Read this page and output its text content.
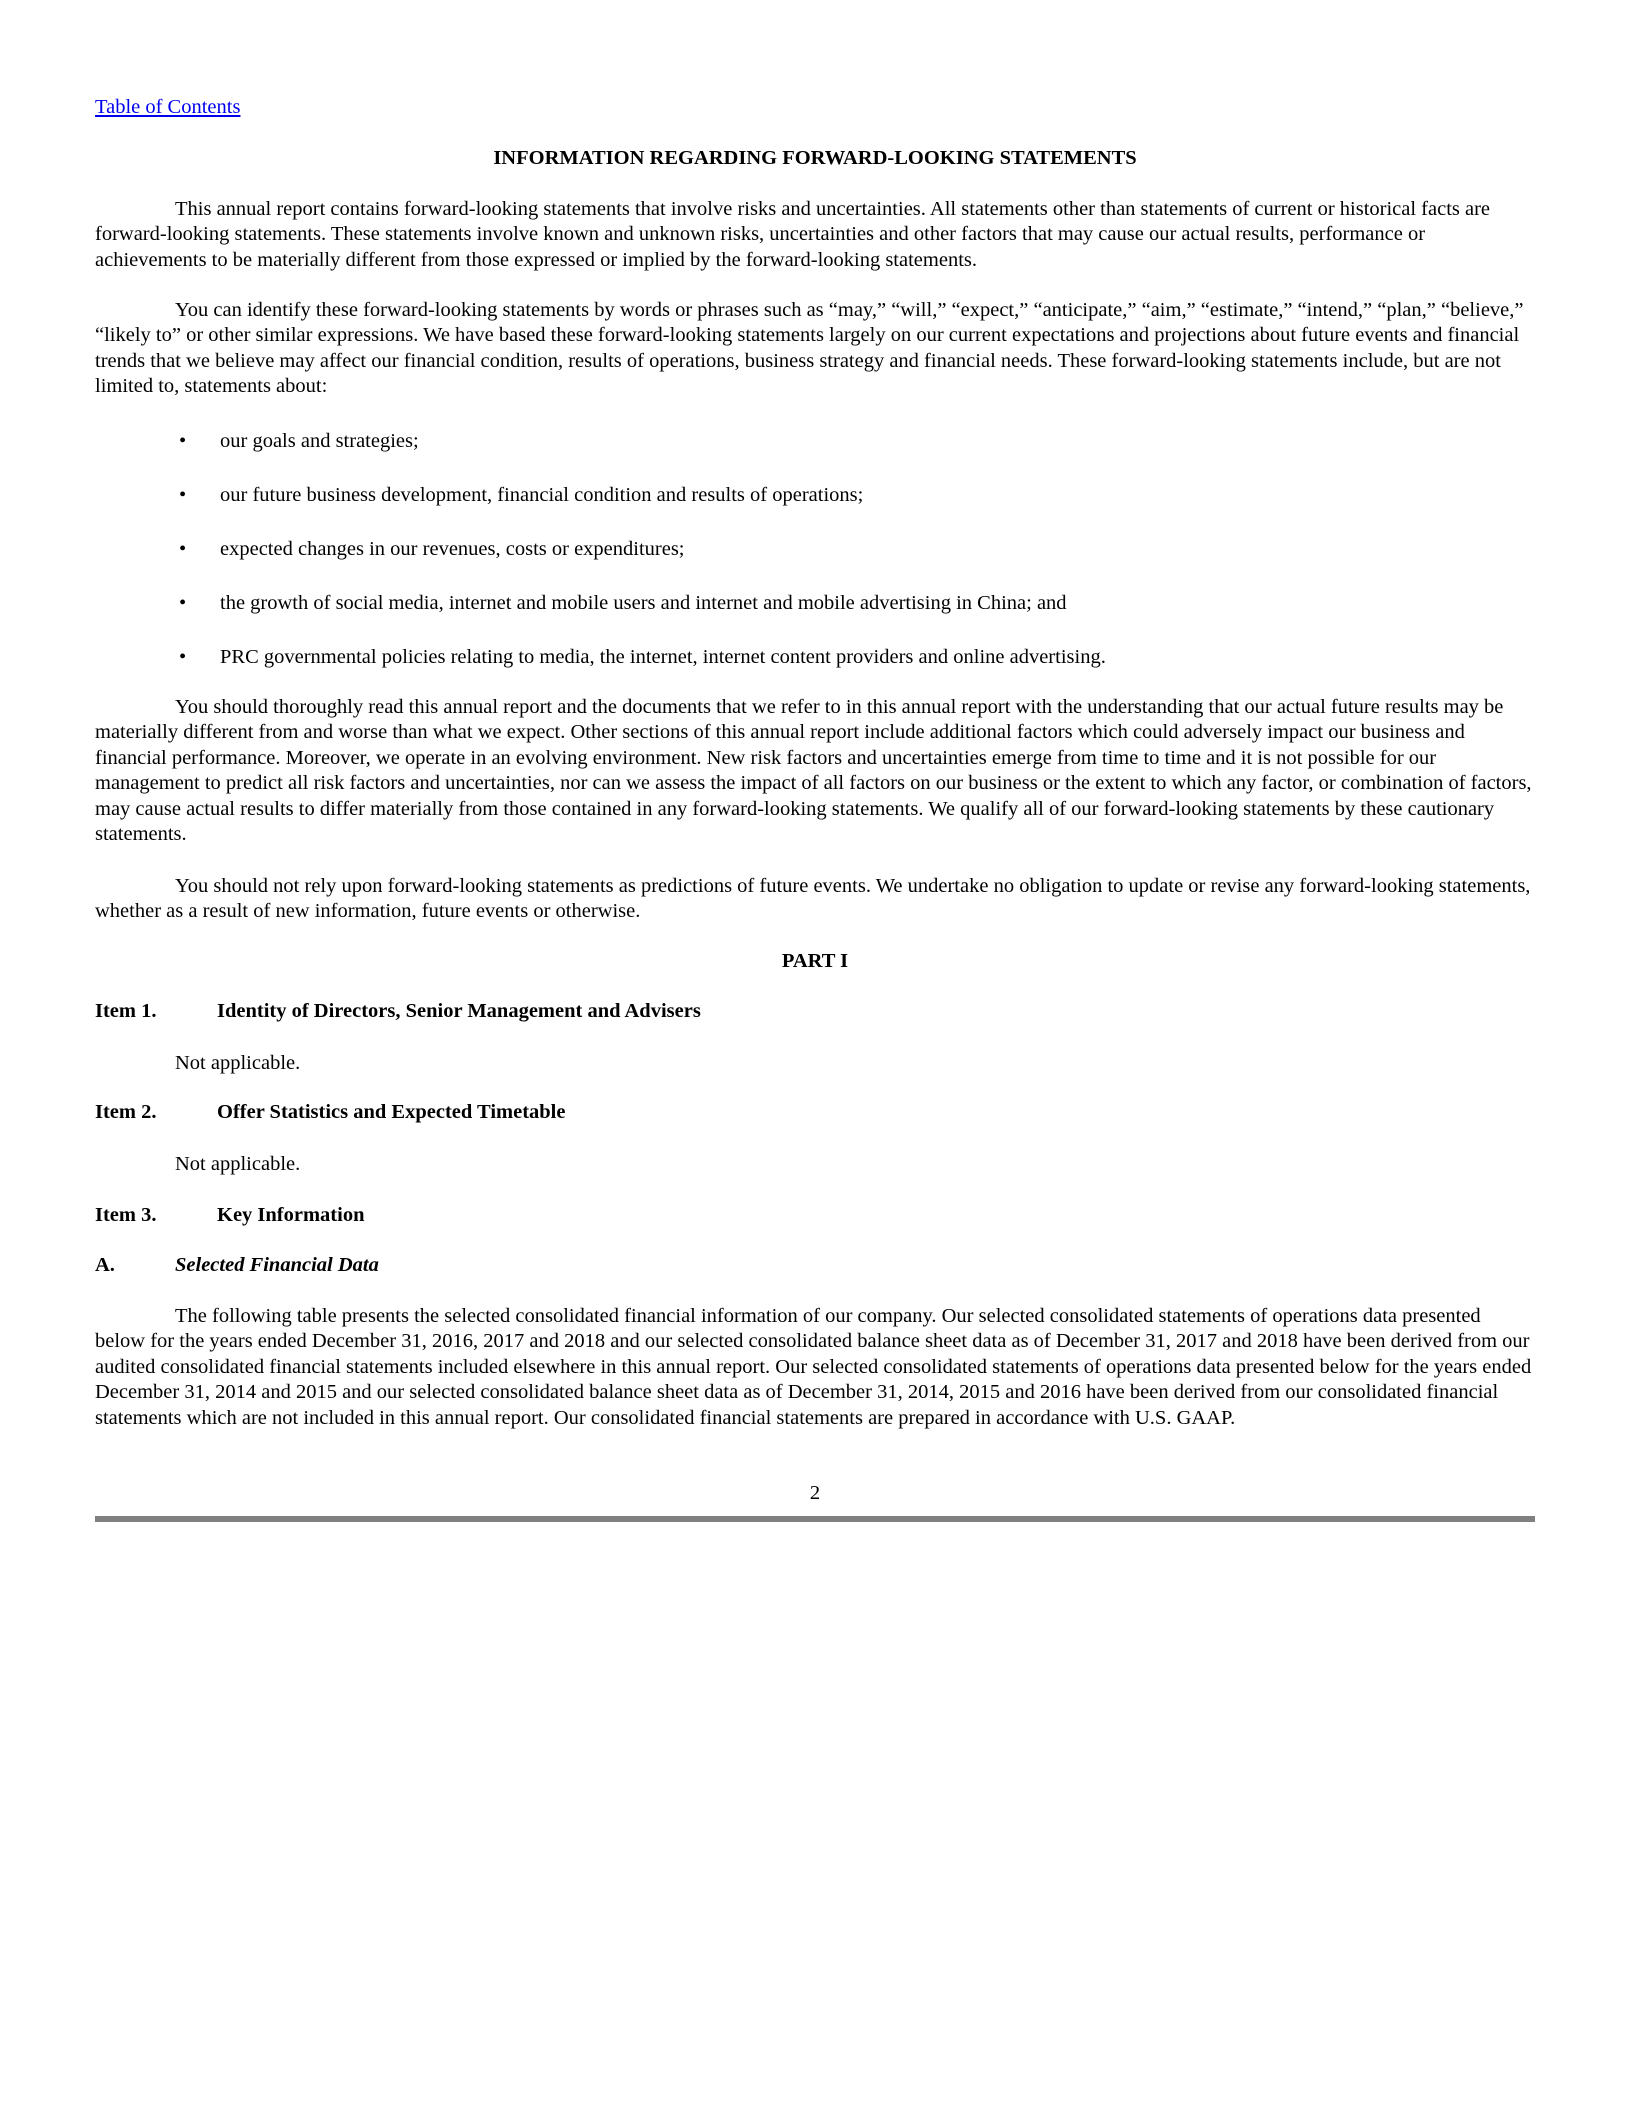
Table of Contents
INFORMATION REGARDING FORWARD-LOOKING STATEMENTS

This annual report contains forward-looking statements that involve risks and uncertainties. All statements other than statements of current or historical facts are forward-looking statements. These statements involve known and unknown risks, uncertainties and other factors that may cause our actual results, performance or achievements to be materially different from those expressed or implied by the forward-looking statements.

You can identify these forward-looking statements by words or phrases such as “may,” “will,” “expect,” “anticipate,” “aim,” “estimate,” “intend,” “plan,” “believe,” “likely to” or other similar expressions. We have based these forward-looking statements largely on our current expectations and projections about future events and financial trends that we believe may affect our financial condition, results of operations, business strategy and financial needs. These forward-looking statements include, but are not limited to, statements about:

• our goals and strategies;
• our future business development, financial condition and results of operations;
• expected changes in our revenues, costs or expenditures;
• the growth of social media, internet and mobile users and internet and mobile advertising in China; and
• PRC governmental policies relating to media, the internet, internet content providers and online advertising.

You should thoroughly read this annual report and the documents that we refer to in this annual report with the understanding that our actual future results may be materially different from and worse than what we expect. Other sections of this annual report include additional factors which could adversely impact our business and financial performance. Moreover, we operate in an evolving environment. New risk factors and uncertainties emerge from time to time and it is not possible for our management to predict all risk factors and uncertainties, nor can we assess the impact of all factors on our business or the extent to which any factor, or combination of factors, may cause actual results to differ materially from those contained in any forward-looking statements. We qualify all of our forward-looking statements by these cautionary statements.

You should not rely upon forward-looking statements as predictions of future events. We undertake no obligation to update or revise any forward-looking statements, whether as a result of new information, future events or otherwise.

PART I
Item 1.	Identity of Directors, Senior Management and Advisers
Not applicable.
Item 2.	Offer Statistics and Expected Timetable
Not applicable.
Item 3.	Key Information
A.	Selected Financial Data

The following table presents the selected consolidated financial information of our company. Our selected consolidated statements of operations data presented below for the years ended December 31, 2016, 2017 and 2018 and our selected consolidated balance sheet data as of December 31, 2017 and 2018 have been derived from our audited consolidated financial statements included elsewhere in this annual report. Our selected consolidated statements of operations data presented below for the years ended December 31, 2014 and 2015 and our selected consolidated balance sheet data as of December 31, 2014, 2015 and 2016 have been derived from our consolidated financial statements which are not included in this annual report. Our consolidated financial statements are prepared in accordance with U.S. GAAP.

2
